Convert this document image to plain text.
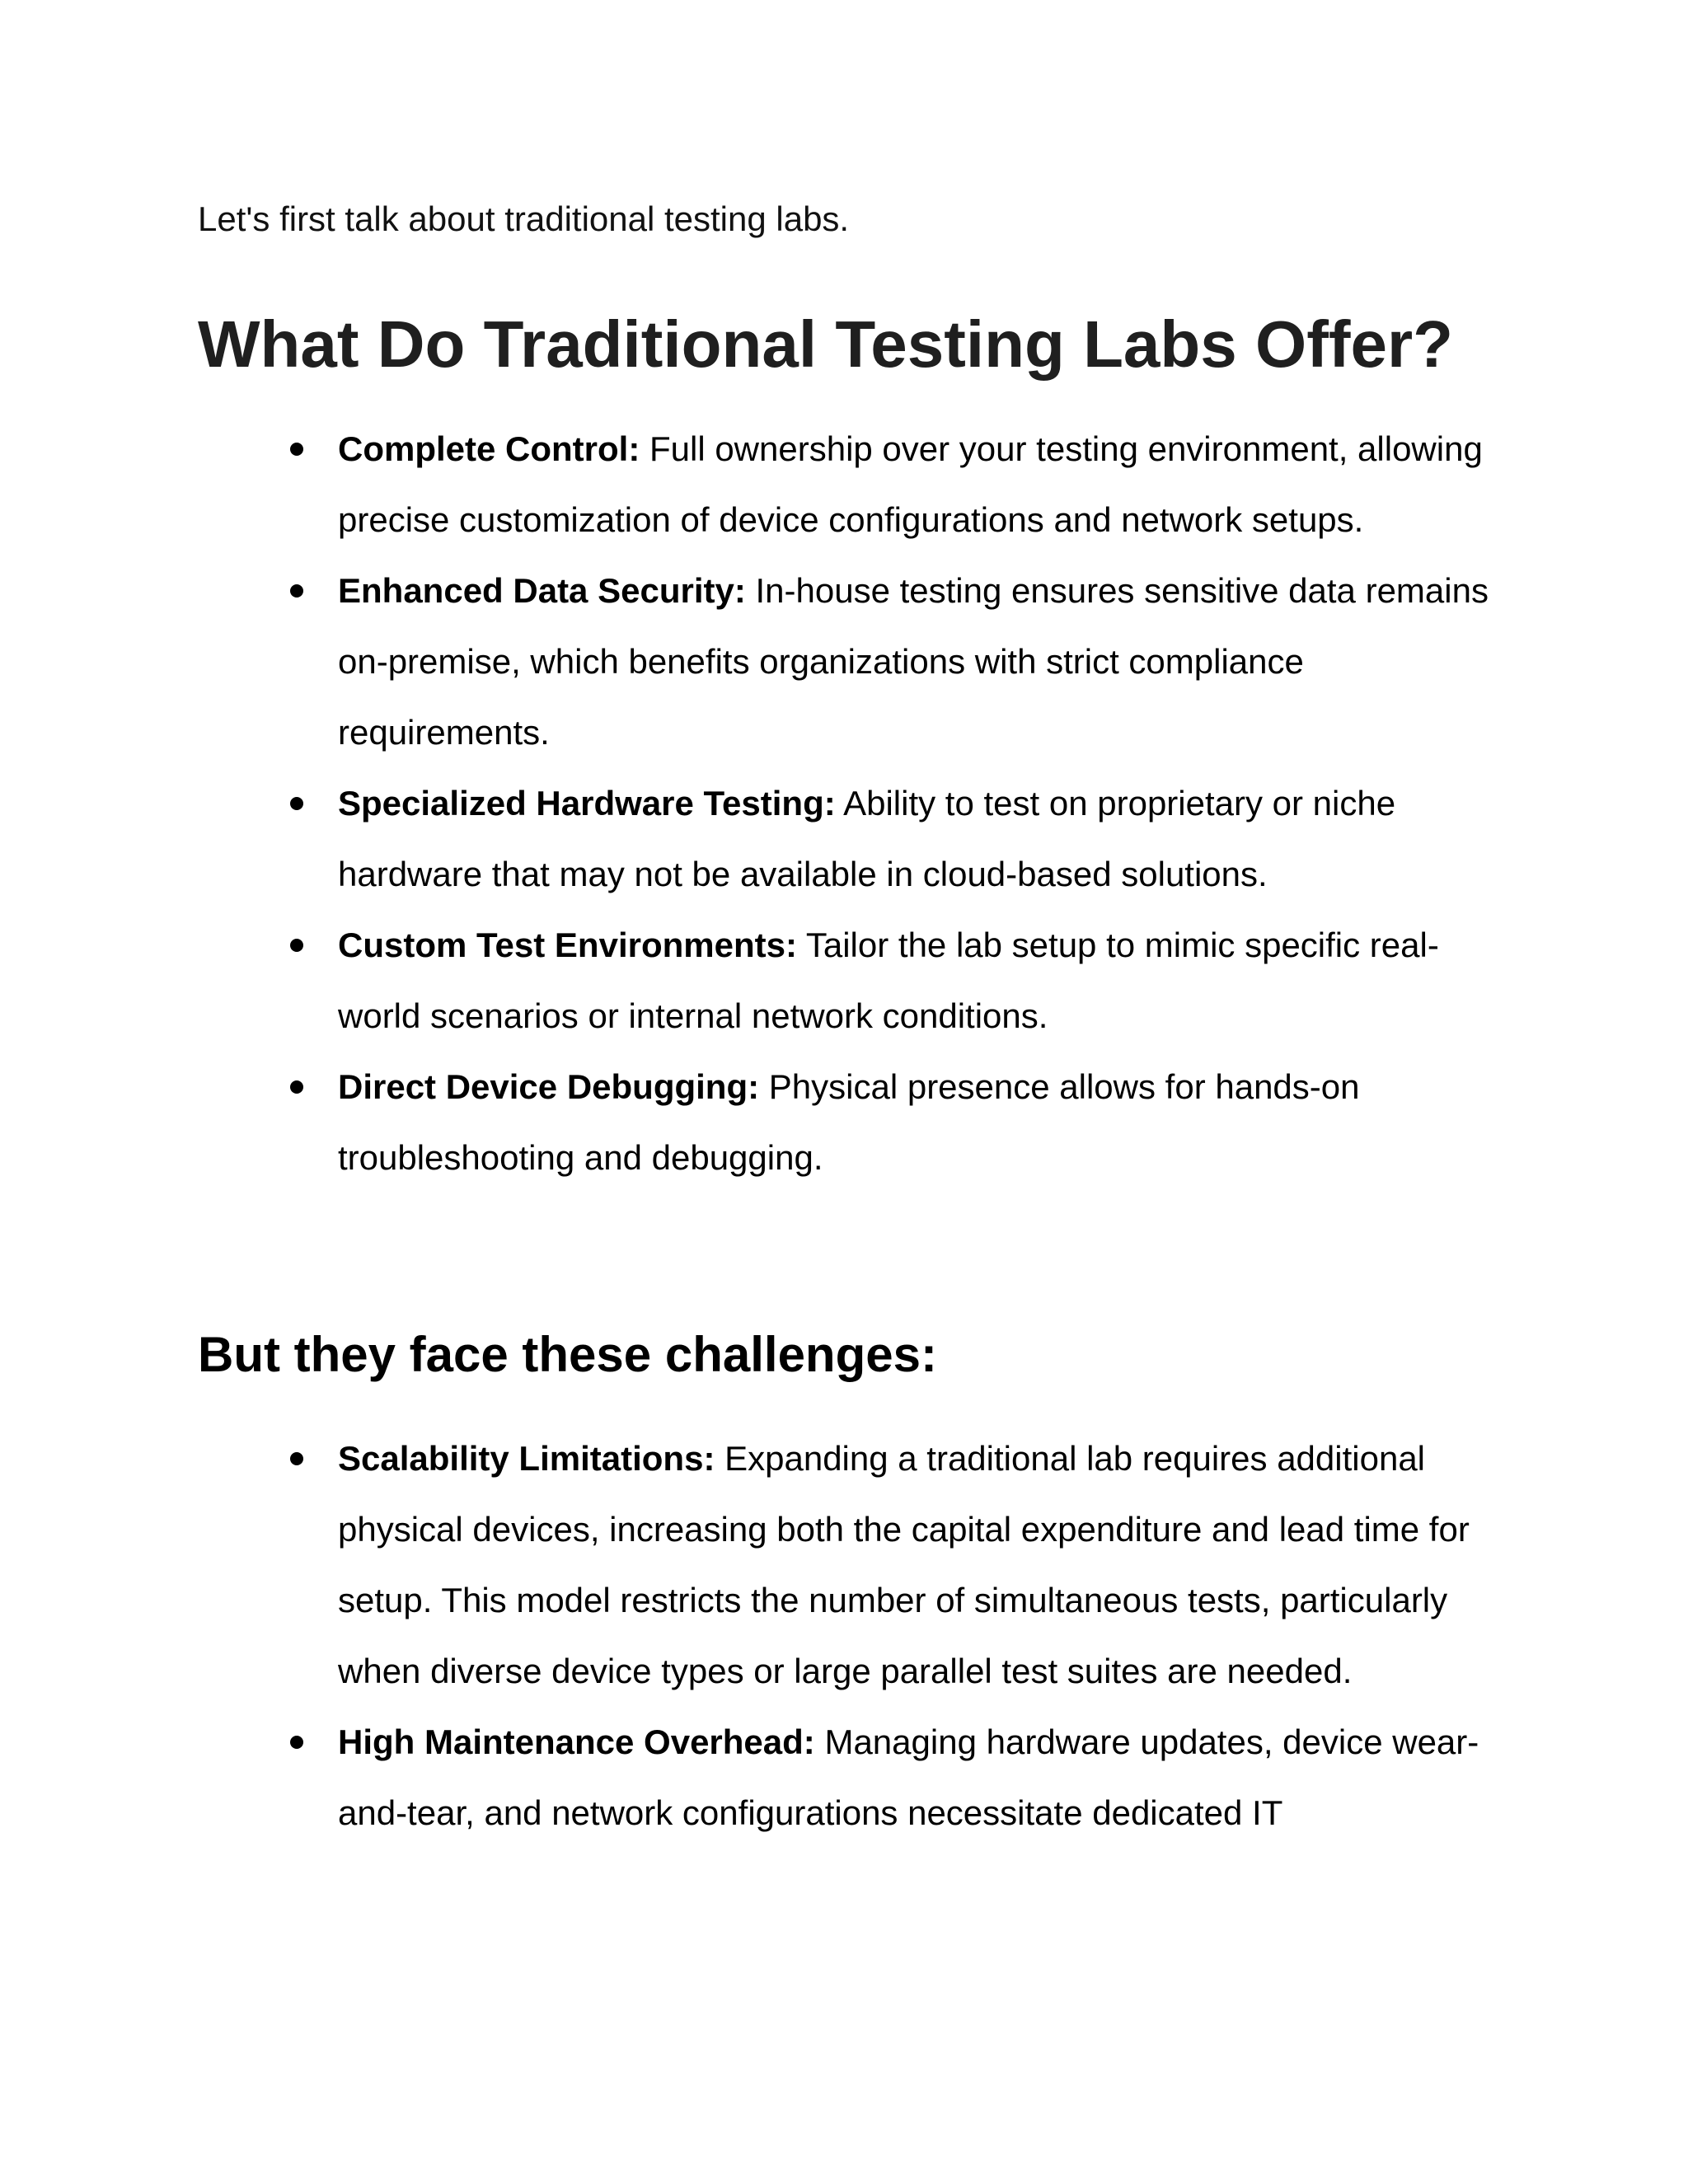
Let's first talk about traditional testing labs.

What Do Traditional Testing Labs Offer?
Complete Control: Full ownership over your testing environment, allowing precise customization of device configurations and network setups.
Enhanced Data Security: In-house testing ensures sensitive data remains on-premise, which benefits organizations with strict compliance requirements.
Specialized Hardware Testing: Ability to test on proprietary or niche hardware that may not be available in cloud-based solutions.
Custom Test Environments: Tailor the lab setup to mimic specific real-world scenarios or internal network conditions.
Direct Device Debugging: Physical presence allows for hands-on troubleshooting and debugging.
But they face these challenges:
Scalability Limitations: Expanding a traditional lab requires additional physical devices, increasing both the capital expenditure and lead time for setup. This model restricts the number of simultaneous tests, particularly when diverse device types or large parallel test suites are needed.
High Maintenance Overhead: Managing hardware updates, device wear-and-tear, and network configurations necessitate dedicated IT
